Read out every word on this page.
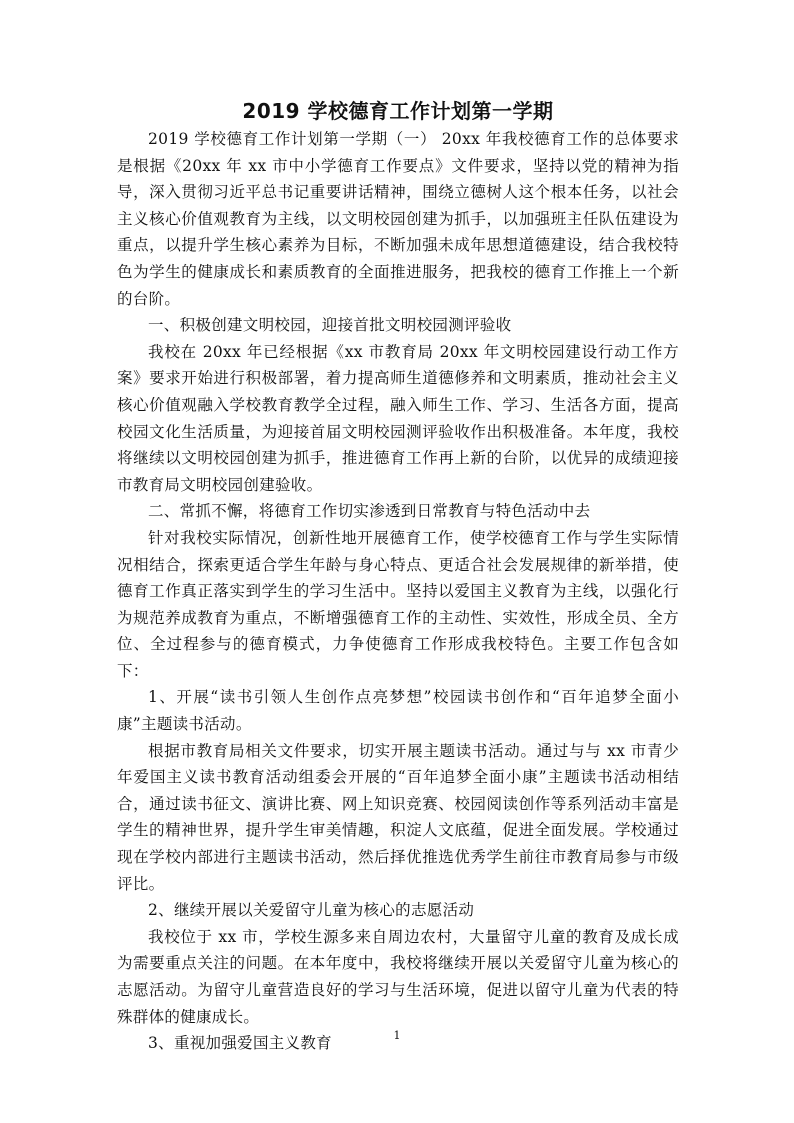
2019 学校德育工作计划第一学期

2019 学校德育工作计划第一学期（一） 20xx 年我校德育工作的总体要求是根据《20xx 年 xx 市中小学德育工作要点》文件要求，坚持以党的精神为指导，深入贯彻习近平总书记重要讲话精神，围绕立德树人这个根本任务，以社会主义核心价值观教育为主线，以文明校园创建为抓手，以加强班主任队伍建设为重点，以提升学生核心素养为目标，不断加强未成年思想道德建设，结合我校特色为学生的健康成长和素质教育的全面推进服务，把我校的德育工作推上一个新的台阶。

一、积极创建文明校园，迎接首批文明校园测评验收

我校在 20xx 年已经根据《xx 市教育局 20xx 年文明校园建设行动工作方案》要求开始进行积极部署，着力提高师生道德修养和文明素质，推动社会主义核心价值观融入学校教育教学全过程，融入师生工作、学习、生活各方面，提高校园文化生活质量，为迎接首届文明校园测评验收作出积极准备。本年度，我校将继续以文明校园创建为抓手，推进德育工作再上新的台阶，以优异的成绩迎接市教育局文明校园创建验收。

二、常抓不懈，将德育工作切实渗透到日常教育与特色活动中去

针对我校实际情况，创新性地开展德育工作，使学校德育工作与学生实际情况相结合，探索更适合学生年龄与身心特点、更适合社会发展规律的新举措，使德育工作真正落实到学生的学习生活中。坚持以爱国主义教育为主线，以强化行为规范养成教育为重点，不断增强德育工作的主动性、实效性，形成全员、全方位、全过程参与的德育模式，力争使德育工作形成我校特色。主要工作包含如下：

1、开展“读书引领人生创作点亮梦想”校园读书创作和“百年追梦全面小康”主题读书活动。

根据市教育局相关文件要求，切实开展主题读书活动。通过与与 xx 市青少年爱国主义读书教育活动组委会开展的“百年追梦全面小康”主题读书活动相结合，通过读书征文、演讲比赛、网上知识竞赛、校园阅读创作等系列活动丰富是学生的精神世界，提升学生审美情趣，积淀人文底蕴，促进全面发展。学校通过现在学校内部进行主题读书活动，然后择优推选优秀学生前往市教育局参与市级评比。

2、继续开展以关爱留守儿童为核心的志愿活动

我校位于 xx 市，学校生源多来自周边农村，大量留守儿童的教育及成长成为需要重点关注的问题。在本年度中，我校将继续开展以关爱留守儿童为核心的志愿活动。为留守儿童营造良好的学习与生活环境，促进以留守儿童为代表的特殊群体的健康成长。

3、重视加强爱国主义教育	1
